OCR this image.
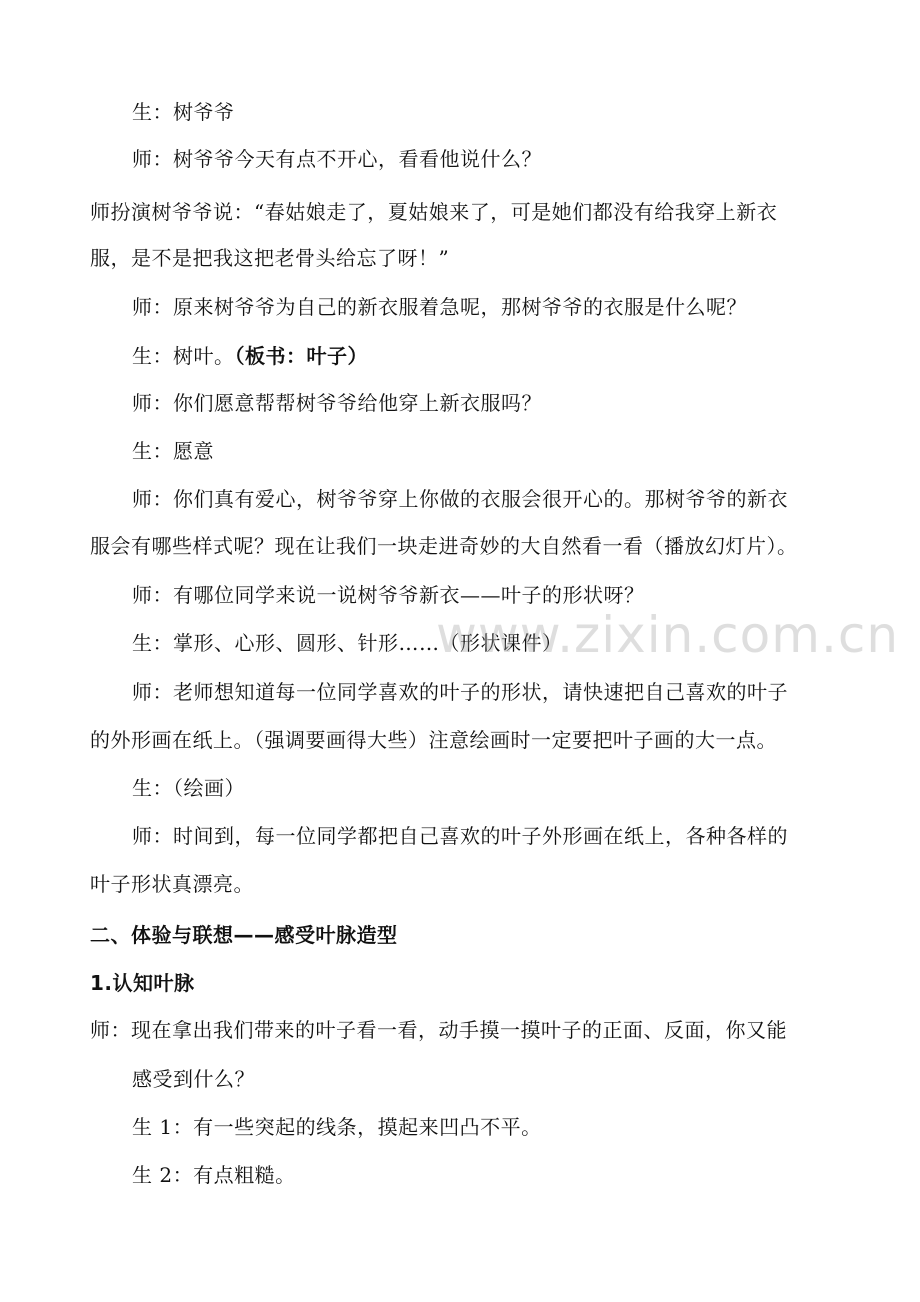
生：树爷爷
师：树爷爷今天有点不开心，看看他说什么？
师扮演树爷爷说：“春姑娘走了，夏姑娘来了，可是她们都没有给我穿上新衣
服，是不是把我这把老骨头给忘了呀！”
师：原来树爷爷为自己的新衣服着急呢，那树爷爷的衣服是什么呢？
生：树叶。（板书：叶子）
师：你们愿意帮帮树爷爷给他穿上新衣服吗？
生：愿意
师：你们真有爱心，树爷爷穿上你做的衣服会很开心的。那树爷爷的新衣
服会有哪些样式呢？现在让我们一块走进奇妙的大自然看一看（播放幻灯片）。
师：有哪位同学来说一说树爷爷新衣——叶子的形状呀？
生：掌形、心形、圆形、针形……（形状课件）
师：老师想知道每一位同学喜欢的叶子的形状，请快速把自己喜欢的叶子
的外形画在纸上。（强调要画得大些）注意绘画时一定要把叶子画的大一点。
生：（绘画）
师：时间到，每一位同学都把自己喜欢的叶子外形画在纸上，各种各样的
叶子形状真漂亮。
二、体验与联想——感受叶脉造型
1.认知叶脉
师：现在拿出我们带来的叶子看一看，动手摸一摸叶子的正面、反面，你又能
感受到什么？
生 1：有一些突起的线条，摸起来凹凸不平。
生 2：有点粗糙。
www.zixin.com.cn
